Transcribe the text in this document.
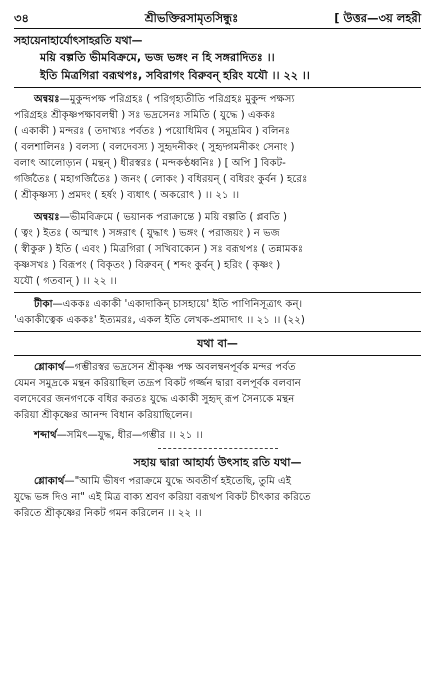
৩৪	শ্রীভক্তিরসামৃতসিন্ধুঃ	[ উত্তর—৩য় লহরী
সহায়েনাহার্যোৎসাহরতি যথা—
ময়ি বল্পতি ভীমবিক্রমে, ভজ ভঙ্গং ন হি সঙ্গরাদিতঃ ।।
ইতি মিত্রগিরা বরূথপঃ, সবিরাগং বিরুবন্ হরিং যযৌ ।। ২২ ।।
অন্বয়ঃ—মুকুন্দপক্ষ পরিগ্রহঃ ( পরিগৃহ্যতীতি পরিগ্রহঃ মুকুন্দ পক্ষস্য
পরিগ্রহঃ শ্রীকৃষ্ণপক্ষাবলম্বী ) সঃ ভদ্রসেনঃ সমিতি ( যুদ্ধে ) এককঃ
( একাকী ) মন্দরঃ ( তদাখ্যঃ পর্বতঃ ) পয়োধিমিব ( সমুদ্রমিব ) বলিনঃ
( বলশালিনঃ ) বলস্য ( বলদেবস্য ) সুহৃদনীকং ( সুহৃদ্গমনীকং সেনাং )
বলাৎ আলোড়্যন ( মন্থন্ ) ধীরস্বরঃ ( মন্দকণ্ঠধ্বনিঃ ) [ অপি ] বিকট-
গর্জিতৈঃ ( মহাগর্জিতৈঃ ) জনং ( লোকং ) বধিরয়ন্ ( বধিরং কুর্বন ) হরেঃ
( শ্রীকৃষ্ণস্য ) প্রমদং ( হর্ষং ) ব্যধাৎ ( অকরোৎ ) ।। ২১ ।।
অন্বয়ঃ—ভীমবিক্রমে ( ভয়ানক পরাক্রান্তে ) ময়ি বল্পতি ( প্লবতি )
( ত্বং ) ইতঃ ( অস্মাৎ ) সঙ্গরাৎ ( যুদ্ধাৎ ) ভঙ্গং ( পরাজয়ং ) ন ভজ
( স্বীকুরু ) ইতি ( এবং ) মিত্রগিরা ( সখিবাক্যেন ) সঃ বরূথপঃ ( তন্নামকঃ
কৃষ্ণসখঃ ) বিরূপং ( বিকৃতং ) বিরুবন্ ( শব্দং কুর্বন্ ) হরিং ( কৃষ্ণং )
যযৌ ( গতবান্ ) ।। ২২ ।।
টীকা—এককঃ একাকী 'একাদাকিন্ চাসহায়ে' ইতি পাণিনিসূত্রাৎ কন্।
'একাকীত্বেক এককঃ' ইত্যমরঃ, একল ইতি লেখক-প্রমাদাৎ ।। ২১ ।। (২২)
যথা বা—
শ্লোকার্থ—গম্ভীরস্বর ভদ্রসেন শ্রীকৃষ্ণ পক্ষ অবলম্বনপূর্বক মন্দর পর্বত
যেমন সমুদ্রকে মন্থন করিয়াছিল তদ্রূপ বিকট গর্জ্জন দ্বারা বলপূর্বক বলবান
বলদেবের জনগণকে বধির করতঃ যুদ্ধে একাকী সুহৃদ্ রূপ সৈন্যকে মন্থন
করিয়া শ্রীকৃষ্ণের আনন্দ বিধান করিয়াছিলেন।
শব্দার্থ—সমিৎ—যুদ্ধ, ধীর—গম্ভীর ।। ২১ ।।
সহায় দ্বারা আহার্য্য উৎসাহ রতি যথা—
শ্লোকার্থ—"আমি ভীষণ পরাক্রমে যুদ্ধে অবতীর্ণ হইতেছি, তুমি এই
যুদ্ধে ভঙ্গ দিও না" এই মিত্র বাক্য শ্রবণ করিয়া বরূথপ বিকট চীৎকার করিতে
করিতে শ্রীকৃষ্ণের নিকট গমন করিলেন ।। ২২ ।।
